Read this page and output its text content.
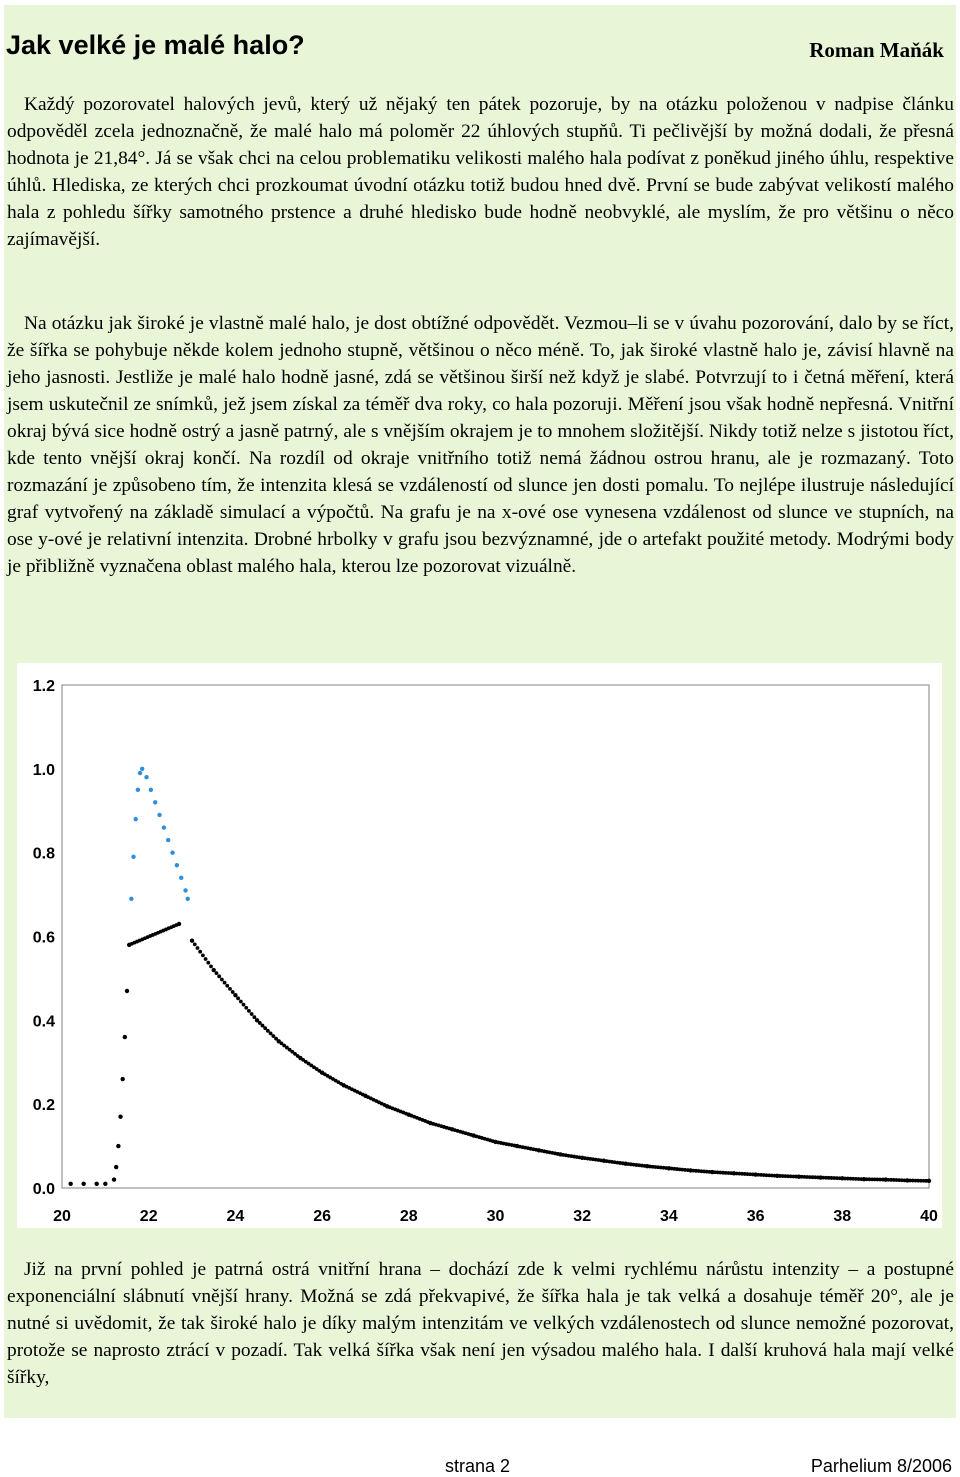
Jak velké je malé halo?	Roman Maňák

Každý pozorovatel halových jevů, který už nějaký ten pátek pozoruje, by na otázku položenou v nadpise článku odpověděl zcela jednoznačně, že malé halo má poloměr 22 úhlových stupňů. Ti pečlivější by možná dodali, že přesná hodnota je 21,84°. Já se však chci na celou problematiku velikosti malého hala podívat z poněkud jiného úhlu, respektive úhlů. Hlediska, ze kterých chci prozkoumat úvodní otázku totiž budou hned dvě. První se bude zabývat velikostí malého hala z pohledu šířky samotného prstence a druhé hledisko bude hodně neobvyklé, ale myslím, že pro většinu o něco zajímavější.

Na otázku jak široké je vlastně malé halo, je dost obtížné odpovědět. Vezmou–li se v úvahu pozorování, dalo by se říct, že šířka se pohybuje někde kolem jednoho stupně, většinou o něco méně. To, jak široké vlastně halo je, závisí hlavně na jeho jasnosti. Jestliže je malé halo hodně jasné, zdá se většinou širší než když je slabé. Potvrzují to i četná měření, která jsem uskutečnil ze snímků, jež jsem získal za téměř dva roky, co hala pozoruji. Měření jsou však hodně nepřesná. Vnitřní okraj bývá sice hodně ostrý a jasně patrný, ale s vnějším okrajem je to mnohem složitější. Nikdy totiž nelze s jistotou říct, kde tento vnější okraj končí. Na rozdíl od okraje vnitřního totiž nemá žádnou ostrou hranu, ale je rozmazaný. Toto rozmazání je způsobeno tím, že intenzita klesá se vzdáleností od slunce jen dosti pomalu. To nejlépe ilustruje následující graf vytvořený na základě simulací a výpočtů. Na grafu je na x-ové ose vynesena vzdálenost od slunce ve stupních, na ose y-ové je relativní intenzita. Drobné hrbolky v grafu jsou bezvýznamné, jde o artefakt použité metody. Modrými body je přibližně vyznačena oblast malého hala, kterou lze pozorovat vizuálně.

0.0
0.2
0.4
0.6
0.8
1.0
1.2
20	22	24	26	28	30	32	34	36	38	40

Již na první pohled je patrná ostrá vnitřní hrana – dochází zde k velmi rychlému nárůstu intenzity – a postupné exponenciální slábnutí vnější hrany. Možná se zdá překvapivé, že šířka hala je tak velká a dosahuje téměř 20°, ale je nutné si uvědomit, že tak široké halo je díky malým intenzitám ve velkých vzdálenostech od slunce nemožné pozorovat, protože se naprosto ztrácí v pozadí. Tak velká šířka však není jen výsadou malého hala. I další kruhová hala mají velké šířky,

strana 2	Parhelium 8/2006
